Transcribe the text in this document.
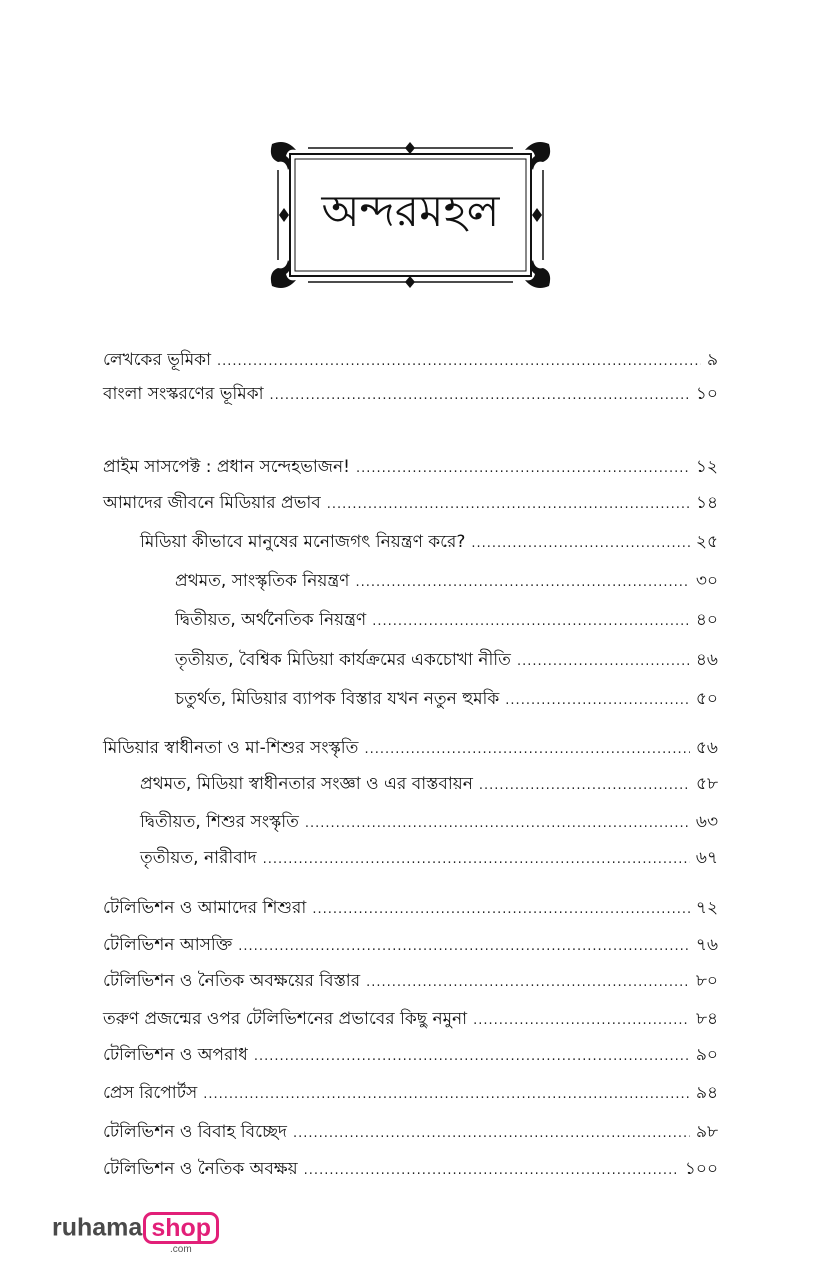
অন্দরমহল
লেখকের ভূমিকা .....	৯
বাংলা সংস্করণের ভূমিকা .....	১০
প্রাইম সাসপেক্ট : প্রধান সন্দেহভাজন! .....	১২
আমাদের জীবনে মিডিয়ার প্রভাব .....	১৪
মিডিয়া কীভাবে মানুষের মনোজগৎ নিয়ন্ত্রণ করে? .....	২৫
প্রথমত, সাংস্কৃতিক নিয়ন্ত্রণ .....	৩০
দ্বিতীয়ত, অর্থনৈতিক নিয়ন্ত্রণ .....	৪০
তৃতীয়ত, বৈশ্বিক মিডিয়া কার্যক্রমের একচোখা নীতি .....	৪৬
চতুর্থত, মিডিয়ার ব্যাপক বিস্তার যখন নতুন হুমকি .....	৫০
মিডিয়ার স্বাধীনতা ও মা-শিশুর সংস্কৃতি .....	৫৬
প্রথমত, মিডিয়া স্বাধীনতার সংজ্ঞা ও এর বাস্তবায়ন .....	৫৮
দ্বিতীয়ত, শিশুর সংস্কৃতি .....	৬৩
তৃতীয়ত, নারীবাদ .....	৬৭
টেলিভিশন ও আমাদের শিশুরা .....	৭২
টেলিভিশন আসক্তি .....	৭৬
টেলিভিশন ও নৈতিক অবক্ষয়ের বিস্তার .....	৮০
তরুণ প্রজন্মের ওপর টেলিভিশনের প্রভাবের কিছু নমুনা .....	৮৪
টেলিভিশন ও অপরাধ .....	৯০
প্রেস রিপোর্টস .....	৯৪
টেলিভিশন ও বিবাহ বিচ্ছেদ .....	৯৮
টেলিভিশন ও নৈতিক অবক্ষয় .....	১০০
ruhama shop
.com
